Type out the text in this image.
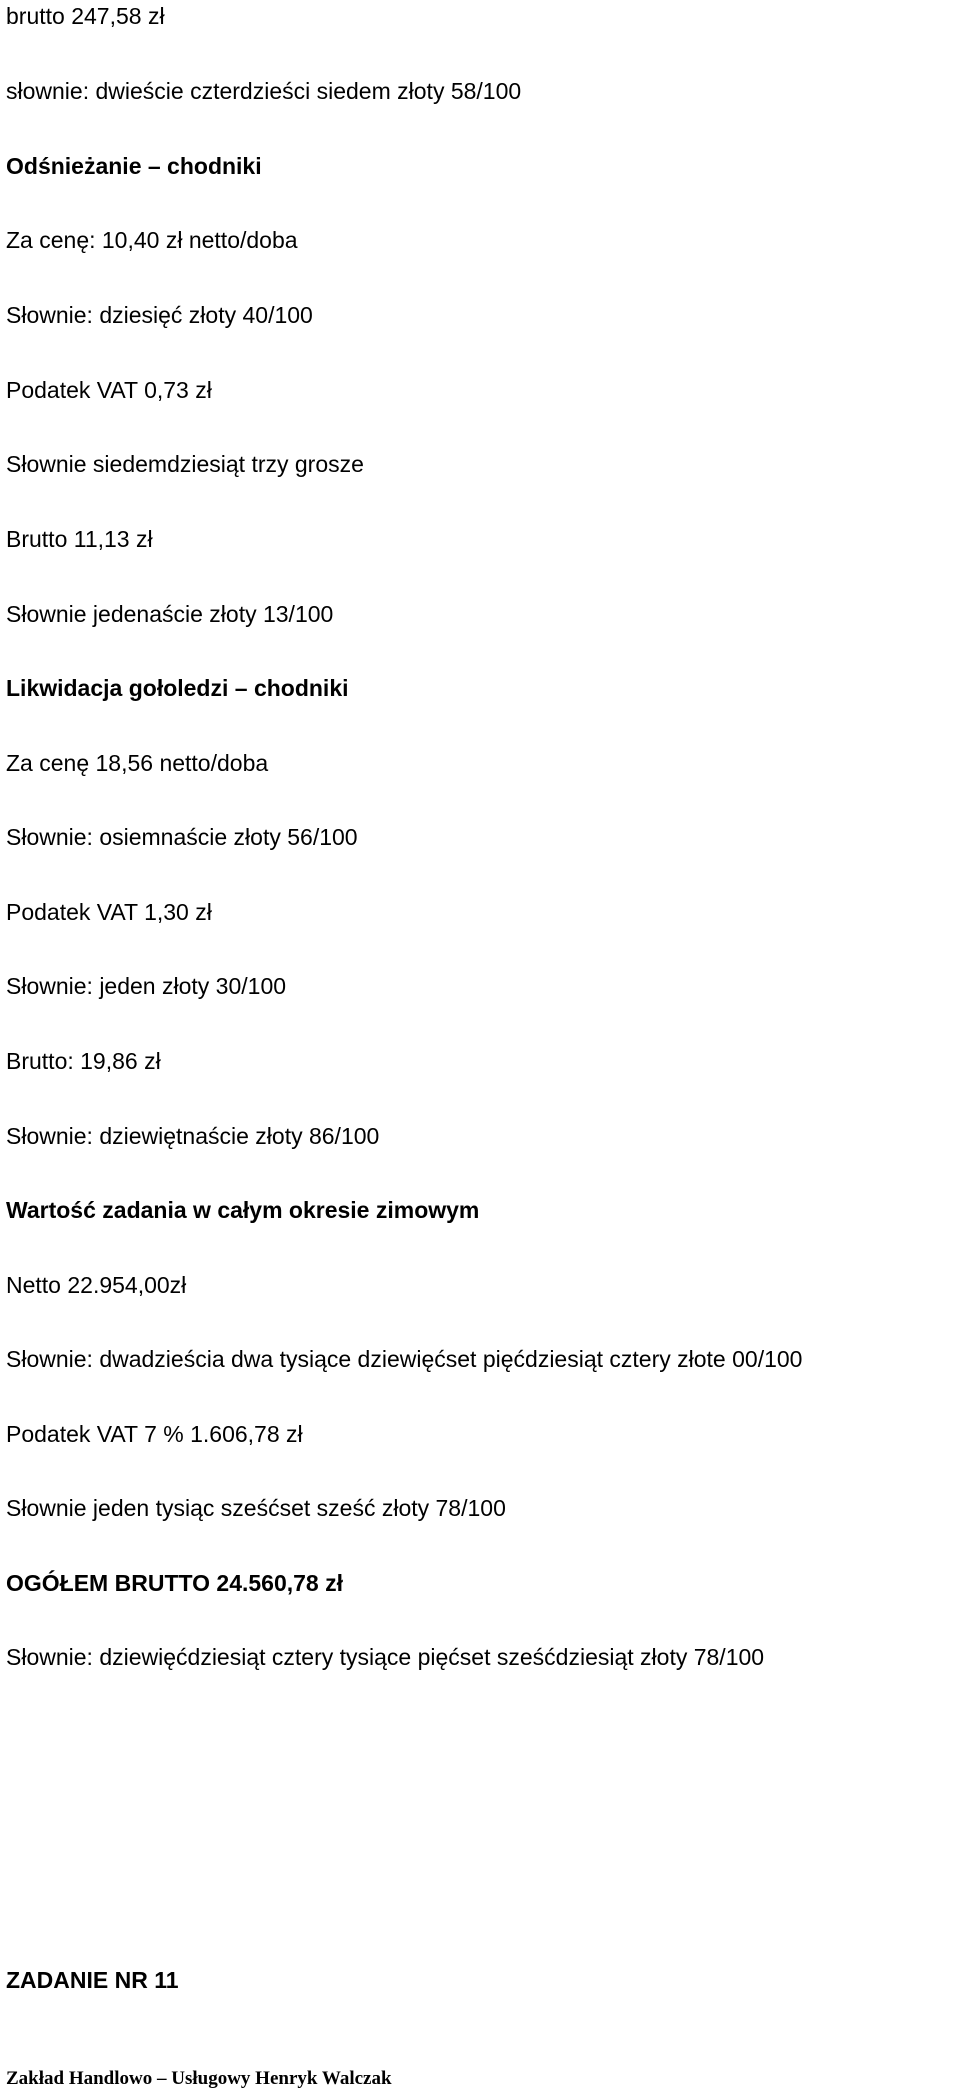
brutto 247,58 zł

słownie: dwieście czterdzieści siedem złoty 58/100

Odśnieżanie – chodniki

Za cenę: 10,40 zł netto/doba

Słownie: dziesięć złoty 40/100

Podatek VAT 0,73 zł

Słownie siedemdziesiąt trzy grosze

Brutto 11,13 zł

Słownie jedenaście złoty 13/100

Likwidacja gołoledzi – chodniki

Za cenę 18,56 netto/doba

Słownie: osiemnaście złoty 56/100

Podatek VAT 1,30 zł

Słownie: jeden złoty 30/100

Brutto: 19,86 zł

Słownie: dziewiętnaście złoty 86/100

Wartość zadania w całym okresie zimowym

Netto 22.954,00zł

Słownie: dwadzieścia dwa tysiące dziewięćset pięćdziesiąt cztery złote 00/100

Podatek VAT 7 % 1.606,78 zł

Słownie jeden tysiąc sześćset sześć złoty 78/100

OGÓŁEM BRUTTO 24.560,78 zł

Słownie: dziewięćdziesiąt cztery tysiące pięćset sześćdziesiąt złoty 78/100

ZADANIE NR 11

Zakład Handlowo – Usługowy Henryk Walczak
